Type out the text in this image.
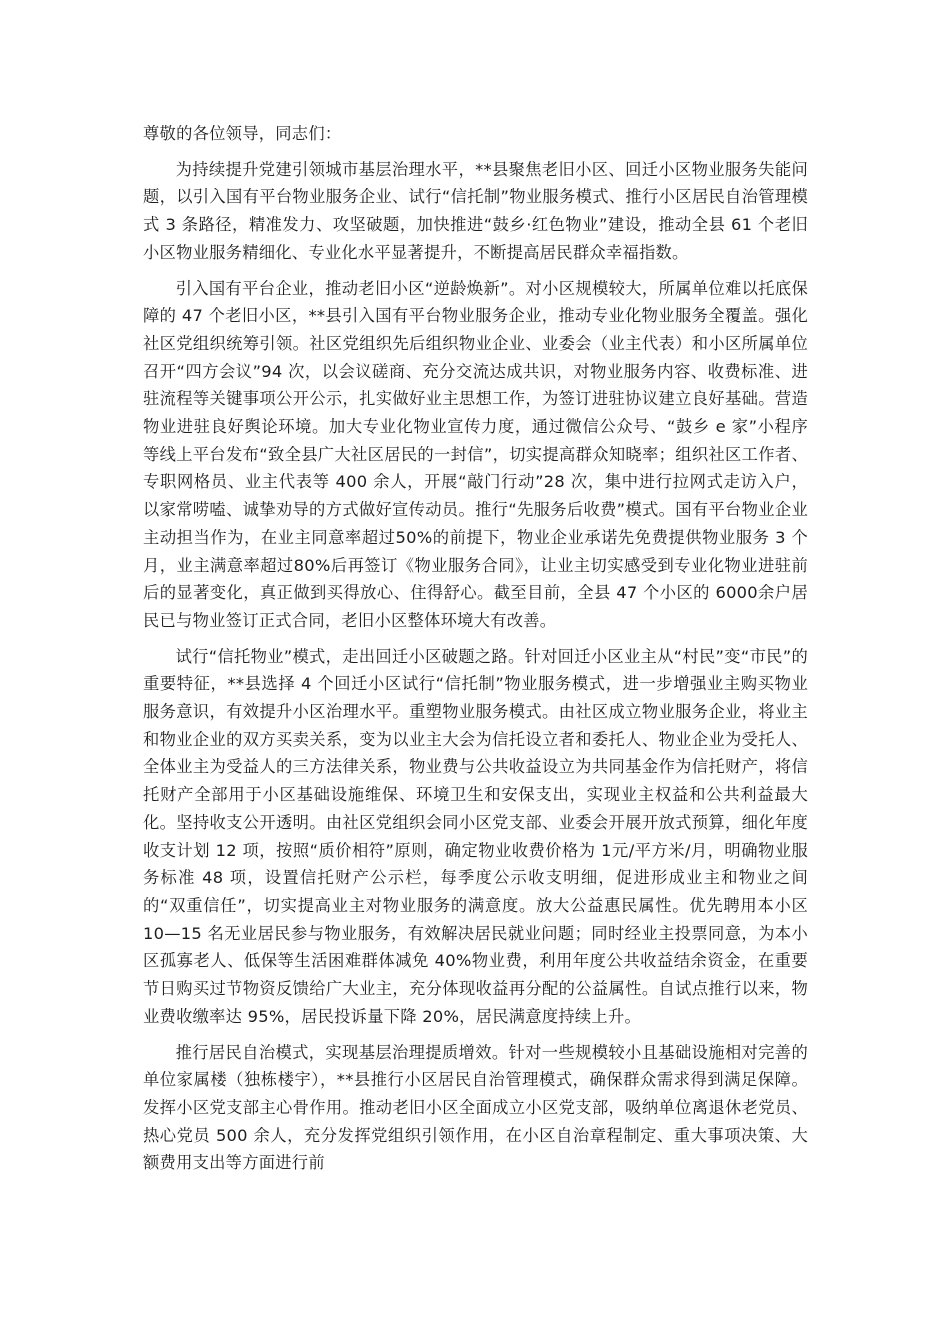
尊敬的各位领导，同志们：

为持续提升党建引领城市基层治理水平，**县聚焦老旧小区、回迁小区物业服务失能问题，以引入国有平台物业服务企业、试行“信托制”物业服务模式、推行小区居民自治管理模式 3 条路径，精准发力、攻坚破题，加快推进“鼓乡·红色物业”建设，推动全县 61 个老旧小区物业服务精细化、专业化水平显著提升，不断提高居民群众幸福指数。

引入国有平台企业，推动老旧小区“逆龄焕新”。对小区规模较大，所属单位难以托底保障的 47 个老旧小区，**县引入国有平台物业服务企业，推动专业化物业服务全覆盖。强化社区党组织统筹引领。社区党组织先后组织物业企业、业委会（业主代表）和小区所属单位召开“四方会议”94 次，以会议磋商、充分交流达成共识，对物业服务内容、收费标准、进驻流程等关键事项公开公示，扎实做好业主思想工作，为签订进驻协议建立良好基础。营造物业进驻良好舆论环境。加大专业化物业宣传力度，通过微信公众号、“鼓乡 e 家”小程序等线上平台发布“致全县广大社区居民的一封信”，切实提高群众知晓率；组织社区工作者、专职网格员、业主代表等 400 余人，开展“敲门行动”28 次，集中进行拉网式走访入户，以家常唠嗑、诚挚劝导的方式做好宣传动员。推行“先服务后收费”模式。国有平台物业企业主动担当作为，在业主同意率超过50%的前提下，物业企业承诺先免费提供物业服务 3 个月，业主满意率超过80%后再签订《物业服务合同》，让业主切实感受到专业化物业进驻前后的显著变化，真正做到买得放心、住得舒心。截至目前，全县 47 个小区的 6000余户居民已与物业签订正式合同，老旧小区整体环境大有改善。

试行“信托物业”模式，走出回迁小区破题之路。针对回迁小区业主从“村民”变“市民”的重要特征，**县选择 4 个回迁小区试行“信托制”物业服务模式，进一步增强业主购买物业服务意识，有效提升小区治理水平。重塑物业服务模式。由社区成立物业服务企业，将业主和物业企业的双方买卖关系，变为以业主大会为信托设立者和委托人、物业企业为受托人、全体业主为受益人的三方法律关系，物业费与公共收益设立为共同基金作为信托财产，将信托财产全部用于小区基础设施维保、环境卫生和安保支出，实现业主权益和公共利益最大化。坚持收支公开透明。由社区党组织会同小区党支部、业委会开展开放式预算，细化年度收支计划 12 项，按照“质价相符”原则，确定物业收费价格为 1元/平方米/月，明确物业服务标准 48 项，设置信托财产公示栏，每季度公示收支明细，促进形成业主和物业之间的“双重信任”，切实提高业主对物业服务的满意度。放大公益惠民属性。优先聘用本小区 10—15 名无业居民参与物业服务，有效解决居民就业问题；同时经业主投票同意，为本小区孤寡老人、低保等生活困难群体减免 40%物业费，利用年度公共收益结余资金，在重要节日购买过节物资反馈给广大业主，充分体现收益再分配的公益属性。自试点推行以来，物业费收缴率达 95%，居民投诉量下降 20%，居民满意度持续上升。

推行居民自治模式，实现基层治理提质增效。针对一些规模较小且基础设施相对完善的单位家属楼（独栋楼宇），**县推行小区居民自治管理模式，确保群众需求得到满足保障。发挥小区党支部主心骨作用。推动老旧小区全面成立小区党支部，吸纳单位离退休老党员、热心党员 500 余人，充分发挥党组织引领作用，在小区自治章程制定、重大事项决策、大额费用支出等方面进行前
